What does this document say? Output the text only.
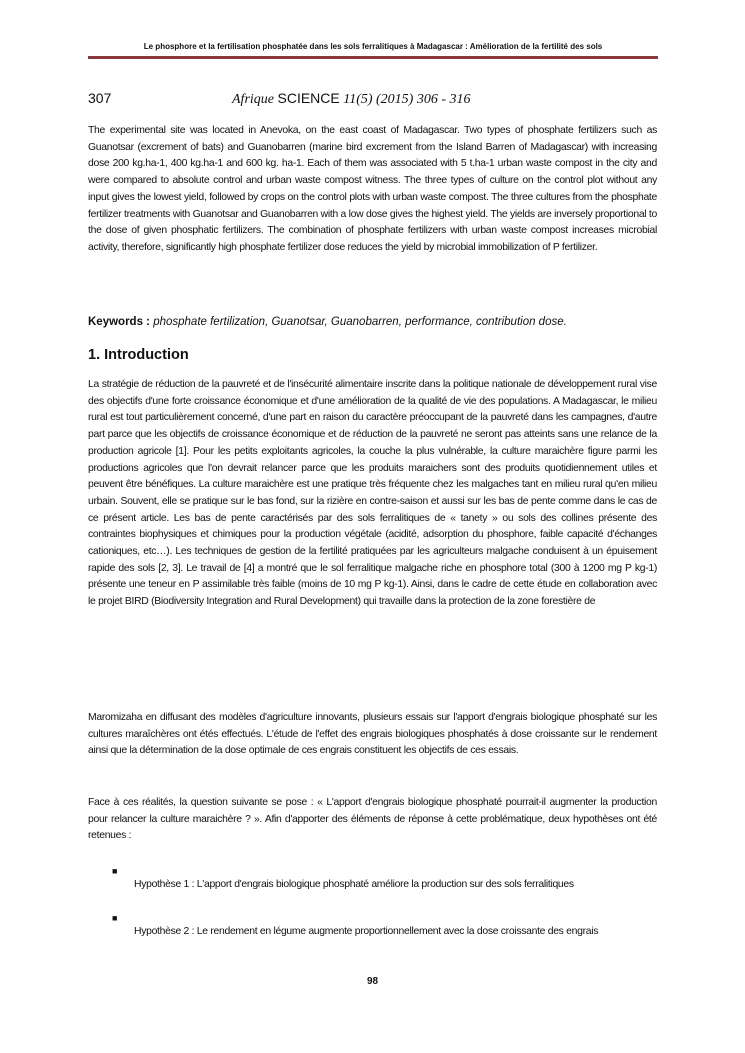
Le phosphore et la fertilisation phosphatée dans les sols ferralitiques à Madagascar : Amélioration de la fertilité des sols
307	Afrique SCIENCE 11(5) (2015) 306 - 316
The experimental site was located in Anevoka, on the east coast of Madagascar. Two types of phosphate fertilizers such as Guanotsar (excrement of bats) and Guanobarren (marine bird excrement from the Island Barren of Madagascar) with increasing dose 200 kg.ha-1, 400 kg.ha-1 and 600 kg. ha-1. Each of them was associated with 5 t.ha-1 urban waste compost in the city and were compared to absolute control and urban waste compost witness. The three types of culture on the control plot without any input gives the lowest yield, followed by crops on the control plots with urban waste compost. The three cultures from the phosphate fertilizer treatments with Guanotsar and Guanobarren with a low dose gives the highest yield. The yields are inversely proportional to the dose of given phosphatic fertilizers. The combination of phosphate fertilizers with urban waste compost increases microbial activity, therefore, significantly high phosphate fertilizer dose reduces the yield by microbial immobilization of P fertilizer.
Keywords : phosphate fertilization, Guanotsar, Guanobarren, performance, contribution dose.
1. Introduction
La stratégie de réduction de la pauvreté et de l'insécurité alimentaire inscrite dans la politique nationale de développement rural vise des objectifs d'une forte croissance économique et d'une amélioration de la qualité de vie des populations. A Madagascar, le milieu rural est tout particulièrement concerné, d'une part en raison du caractère préoccupant de la pauvreté dans les campagnes, d'autre part parce que les objectifs de croissance économique et de réduction de la pauvreté ne seront pas atteints sans une relance de la production agricole [1]. Pour les petits exploitants agricoles, la couche la plus vulnérable, la culture maraichère figure parmi les productions agricoles que l'on devrait relancer parce que les produits maraichers sont des produits quotidiennement utiles et peuvent être bénéfiques. La culture maraichère est une pratique très fréquente chez les malgaches tant en milieu rural qu'en milieu urbain. Souvent, elle se pratique sur le bas fond, sur la rizière en contre-saison et aussi sur les bas de pente comme dans le cas de ce présent article. Les bas de pente caractérisés par des sols ferralitiques de « tanety » ou sols des collines présente des contraintes biophysiques et chimiques pour la production végétale (acidité, adsorption du phosphore, faible capacité d'échanges cationiques, etc…). Les techniques de gestion de la fertilité pratiquées par les agriculteurs malgache conduisent à un épuisement rapide des sols [2, 3]. Le travail de [4] a montré que le sol ferralitique malgache riche en phosphore total (300 à 1200 mg P kg-1) présente une teneur en P assimilable très faible (moins de 10 mg P kg-1). Ainsi, dans le cadre de cette étude en collaboration avec le projet BIRD (Biodiversity Integration and Rural Development) qui travaille dans la protection de la zone forestière de
Maromizaha en diffusant des modèles d'agriculture innovants, plusieurs essais sur l'apport d'engrais biologique phosphaté sur les cultures maraîchères ont étés effectués. L'étude de l'effet des engrais biologiques phosphatés à dose croissante sur le rendement ainsi que la détermination de la dose optimale de ces engrais constituent les objectifs de ces essais.
Face à ces réalités, la question suivante se pose : « L'apport d'engrais biologique phosphaté pourrait-il augmenter la production pour relancer la culture maraichère ? ». Afin d'apporter des éléments de réponse à cette problématique, deux hypothèses ont été retenues :
■
Hypothèse 1 : L'apport d'engrais biologique phosphaté améliore la production sur des sols ferralitiques
■
Hypothèse 2 : Le rendement en légume augmente proportionnellement avec la dose croissante des engrais
98
